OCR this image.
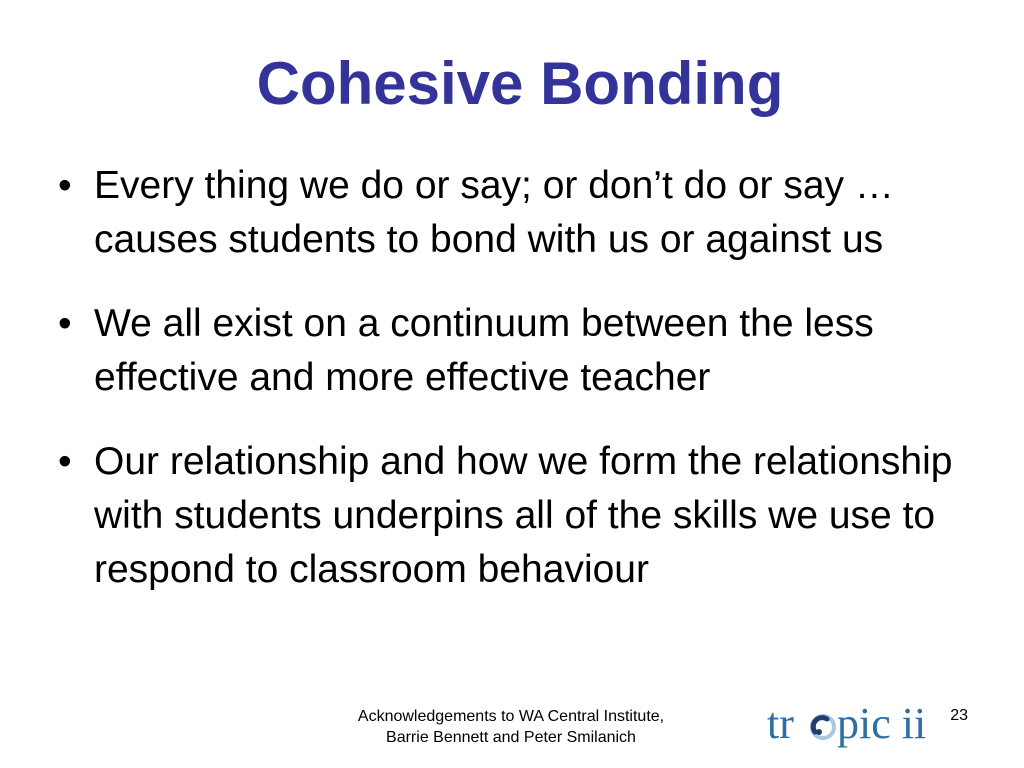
Cohesive Bonding
• Every thing we do or say; or don’t do or say … causes students to bond with us or against us
• We all exist on a continuum between the less effective and more effective teacher
• Our relationship and how we form the relationship with students underpins all of the skills we use to respond to classroom behaviour
Acknowledgements to WA Central Institute, Barrie Bennett and Peter Smilanich	tr pic ii	23
